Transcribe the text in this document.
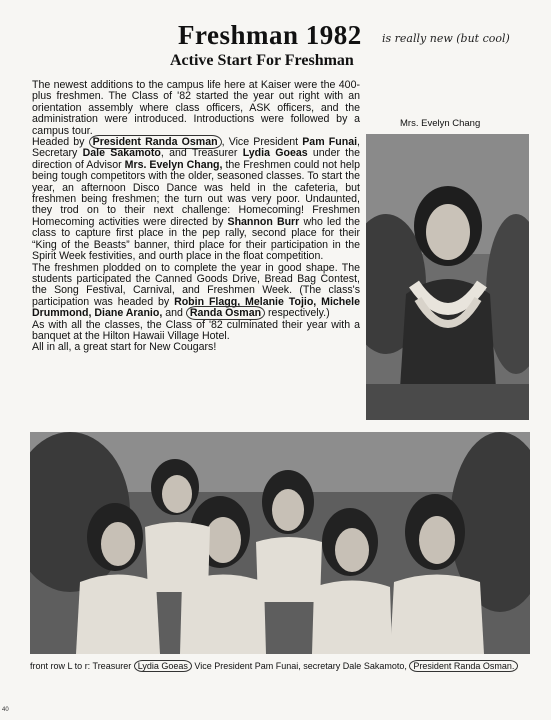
Freshman 1982 is really new (but cool)
Active Start For Freshman

The newest additions to the campus life here at Kaiser were the 400-plus freshmen. The Class of '82 started the year out right with an orientation assembly where class officers, ASK officers, and the administration were introduced. Introductions were followed by a campus tour.

Headed by President Randa Osman , Vice President Pam Funai, Secretary Dale Sakamoto, and Treasurer Lydia Goeas under the direction of Advisor Mrs. Evelyn Chang, the Freshmen could not help being tough competitors with the older, seasoned classes. To start the year, an afternoon Disco Dance was held in the cafeteria, but freshmen being freshmen; the turn out was very poor. Undaunted, they trod on to their next challenge: Homecoming! Freshmen Homecoming activities were directed by Shannon Burr who led the class to capture first place in the pep rally, second place for their “King of the Beasts” banner, third place for their participation in the Spirit Week festivities, and ourth place in the float competition.

The freshmen plodded on to complete the year in good shape. The students participated the Canned Goods Drive, Bread Bag Contest, the Song Festival, Carnival, and Freshmen Week. (The class's participation was headed by Robin Flagg, Melanie Tojio, Michele Drummond, Diane Aranio, and Randa Osman respectively.)

As with all the classes, the Class of '82 culminated their year with a banquet at the Hilton Hawaii Village Hotel.

All in all, a great start for New Cougars!

Mrs. Evelyn Chang
front row L to r: Treasurer Lydia Goeas Vice President Pam Funai, secretary Dale Sakamoto, President Randa Osman.
40
